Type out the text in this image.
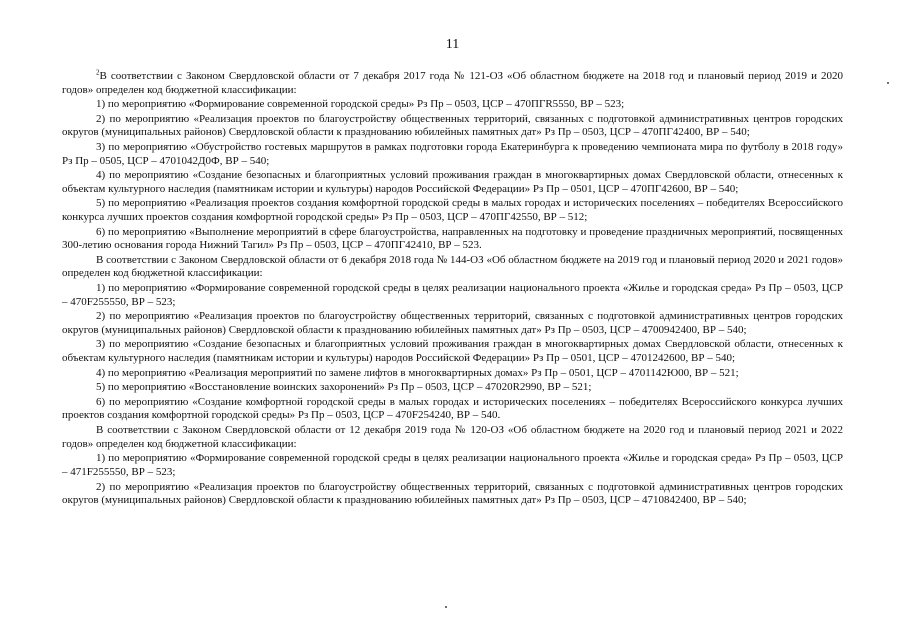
11

$^2$В соответствии с Законом Свердловской области от 7 декабря 2017 года № 121-ОЗ «Об областном бюджете на 2018 год и плановый период 2019 и 2020 годов» определен код бюджетной классификации:

1) по мероприятию «Формирование современной городской среды» Рз Пр – 0503, ЦСР – 470ПГR5550, ВР – 523;

2) по мероприятию «Реализация проектов по благоустройству общественных территорий, связанных с подготовкой административных центров городских округов (муниципальных районов) Свердловской области к празднованию юбилейных памятных дат» Рз Пр – 0503, ЦСР – 470ПГ42400, ВР – 540;

3) по мероприятию «Обустройство гостевых маршрутов в рамках подготовки города Екатеринбурга к проведению чемпионата мира по футболу в 2018 году» Рз Пр – 0505, ЦСР – 4701042Д0Ф, ВР – 540;

4) по мероприятию «Создание безопасных и благоприятных условий проживания граждан в многоквартирных домах Свердловской области, отнесенных к объектам культурного наследия (памятникам истории и культуры) народов Российской Федерации» Рз Пр – 0501, ЦСР – 470ПГ42600, ВР – 540;

5) по мероприятию «Реализация проектов создания комфортной городской среды в малых городах и исторических поселениях – победителях Всероссийского конкурса лучших проектов создания комфортной городской среды» Рз Пр – 0503, ЦСР – 470ПГ42550, ВР – 512;

6) по мероприятию «Выполнение мероприятий в сфере благоустройства, направленных на подготовку и проведение праздничных мероприятий, посвященных 300-летию основания города Нижний Тагил» Рз Пр – 0503, ЦСР – 470ПГ42410, ВР – 523.

В соответствии с Законом Свердловской области от 6 декабря 2018 года № 144-ОЗ «Об областном бюджете на 2019 год и плановый период 2020 и 2021 годов» определен код бюджетной классификации:

1) по мероприятию «Формирование современной городской среды в целях реализации национального проекта «Жилье и городская среда» Рз Пр – 0503, ЦСР – 470F255550, ВР – 523;

2) по мероприятию «Реализация проектов по благоустройству общественных территорий, связанных с подготовкой административных центров городских округов (муниципальных районов) Свердловской области к празднованию юбилейных памятных дат» Рз Пр – 0503, ЦСР – 4700942400, ВР – 540;

3) по мероприятию «Создание безопасных и благоприятных условий проживания граждан в многоквартирных домах Свердловской области, отнесенных к объектам культурного наследия (памятникам истории и культуры) народов Российской Федерации» Рз Пр – 0501, ЦСР – 4701242600, ВР – 540;

4) по мероприятию «Реализация мероприятий по замене лифтов в многоквартирных домах» Рз Пр – 0501, ЦСР – 4701142Ю00, ВР – 521;

5) по мероприятию «Восстановление воинских захоронений» Рз Пр – 0503, ЦСР – 47020R2990, ВР – 521;

6) по мероприятию «Создание комфортной городской среды в малых городах и исторических поселениях – победителях Всероссийского конкурса лучших проектов создания комфортной городской среды» Рз Пр – 0503, ЦСР – 470F254240, ВР – 540.

В соответствии с Законом Свердловской области от 12 декабря 2019 года № 120-ОЗ «Об областном бюджете на 2020 год и плановый период 2021 и 2022 годов» определен код бюджетной классификации:

1) по мероприятию «Формирование современной городской среды в целях реализации национального проекта «Жилье и городская среда» Рз Пр – 0503, ЦСР – 471F255550, ВР – 523;

2) по мероприятию «Реализация проектов по благоустройству общественных территорий, связанных с подготовкой административных центров городских округов (муниципальных районов) Свердловской области к празднованию юбилейных памятных дат» Рз Пр – 0503, ЦСР – 4710842400, ВР – 540;
